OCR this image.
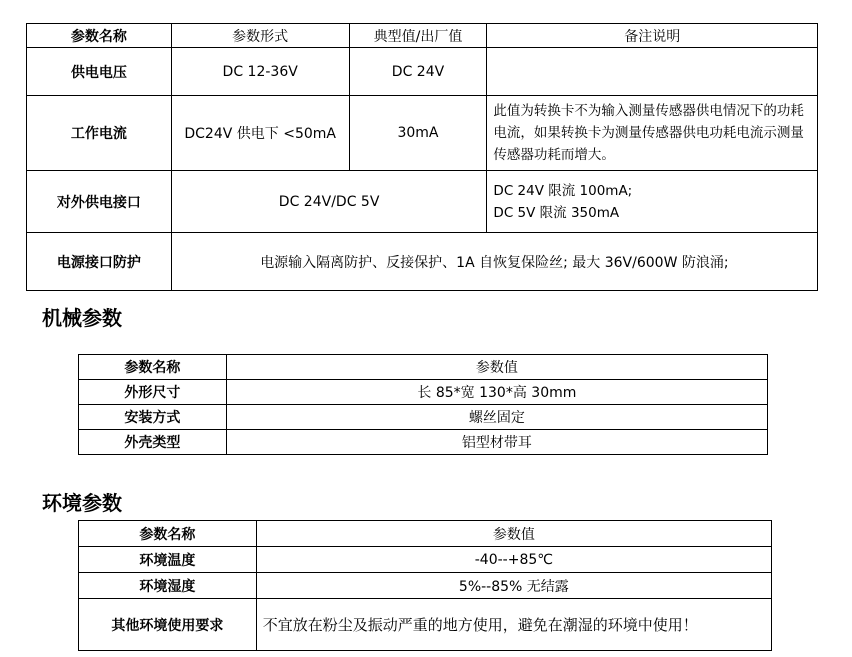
参数名称	参数形式	典型值/出厂值	备注说明
供电电压	DC 12-36V	DC 24V	
工作电流	DC24V 供电下 <50mA	30mA	此值为转换卡不为输入测量传感器供电情况下的功耗电流，如果转换卡为测量传感器供电功耗电流示测量传感器功耗而增大。
对外供电接口	DC 24V/DC 5V		DC 24V 限流 100mA;
DC 5V 限流 350mA

电源接口防护	电源输入隔离防护、反接保护、1A 自恢复保险丝; 最大 36V/600W 防浪涌;		
机械参数
参数名称	参数值
外形尺寸	长 85*宽 130*高 30mm
安装方式	螺丝固定
外壳类型	铝型材带耳
环境参数
参数名称	参数值
环境温度	-40--+85℃
环境湿度	5%--85% 无结露
其他环境使用要求	不宜放在粉尘及振动严重的地方使用，避免在潮湿的环境中使用！
